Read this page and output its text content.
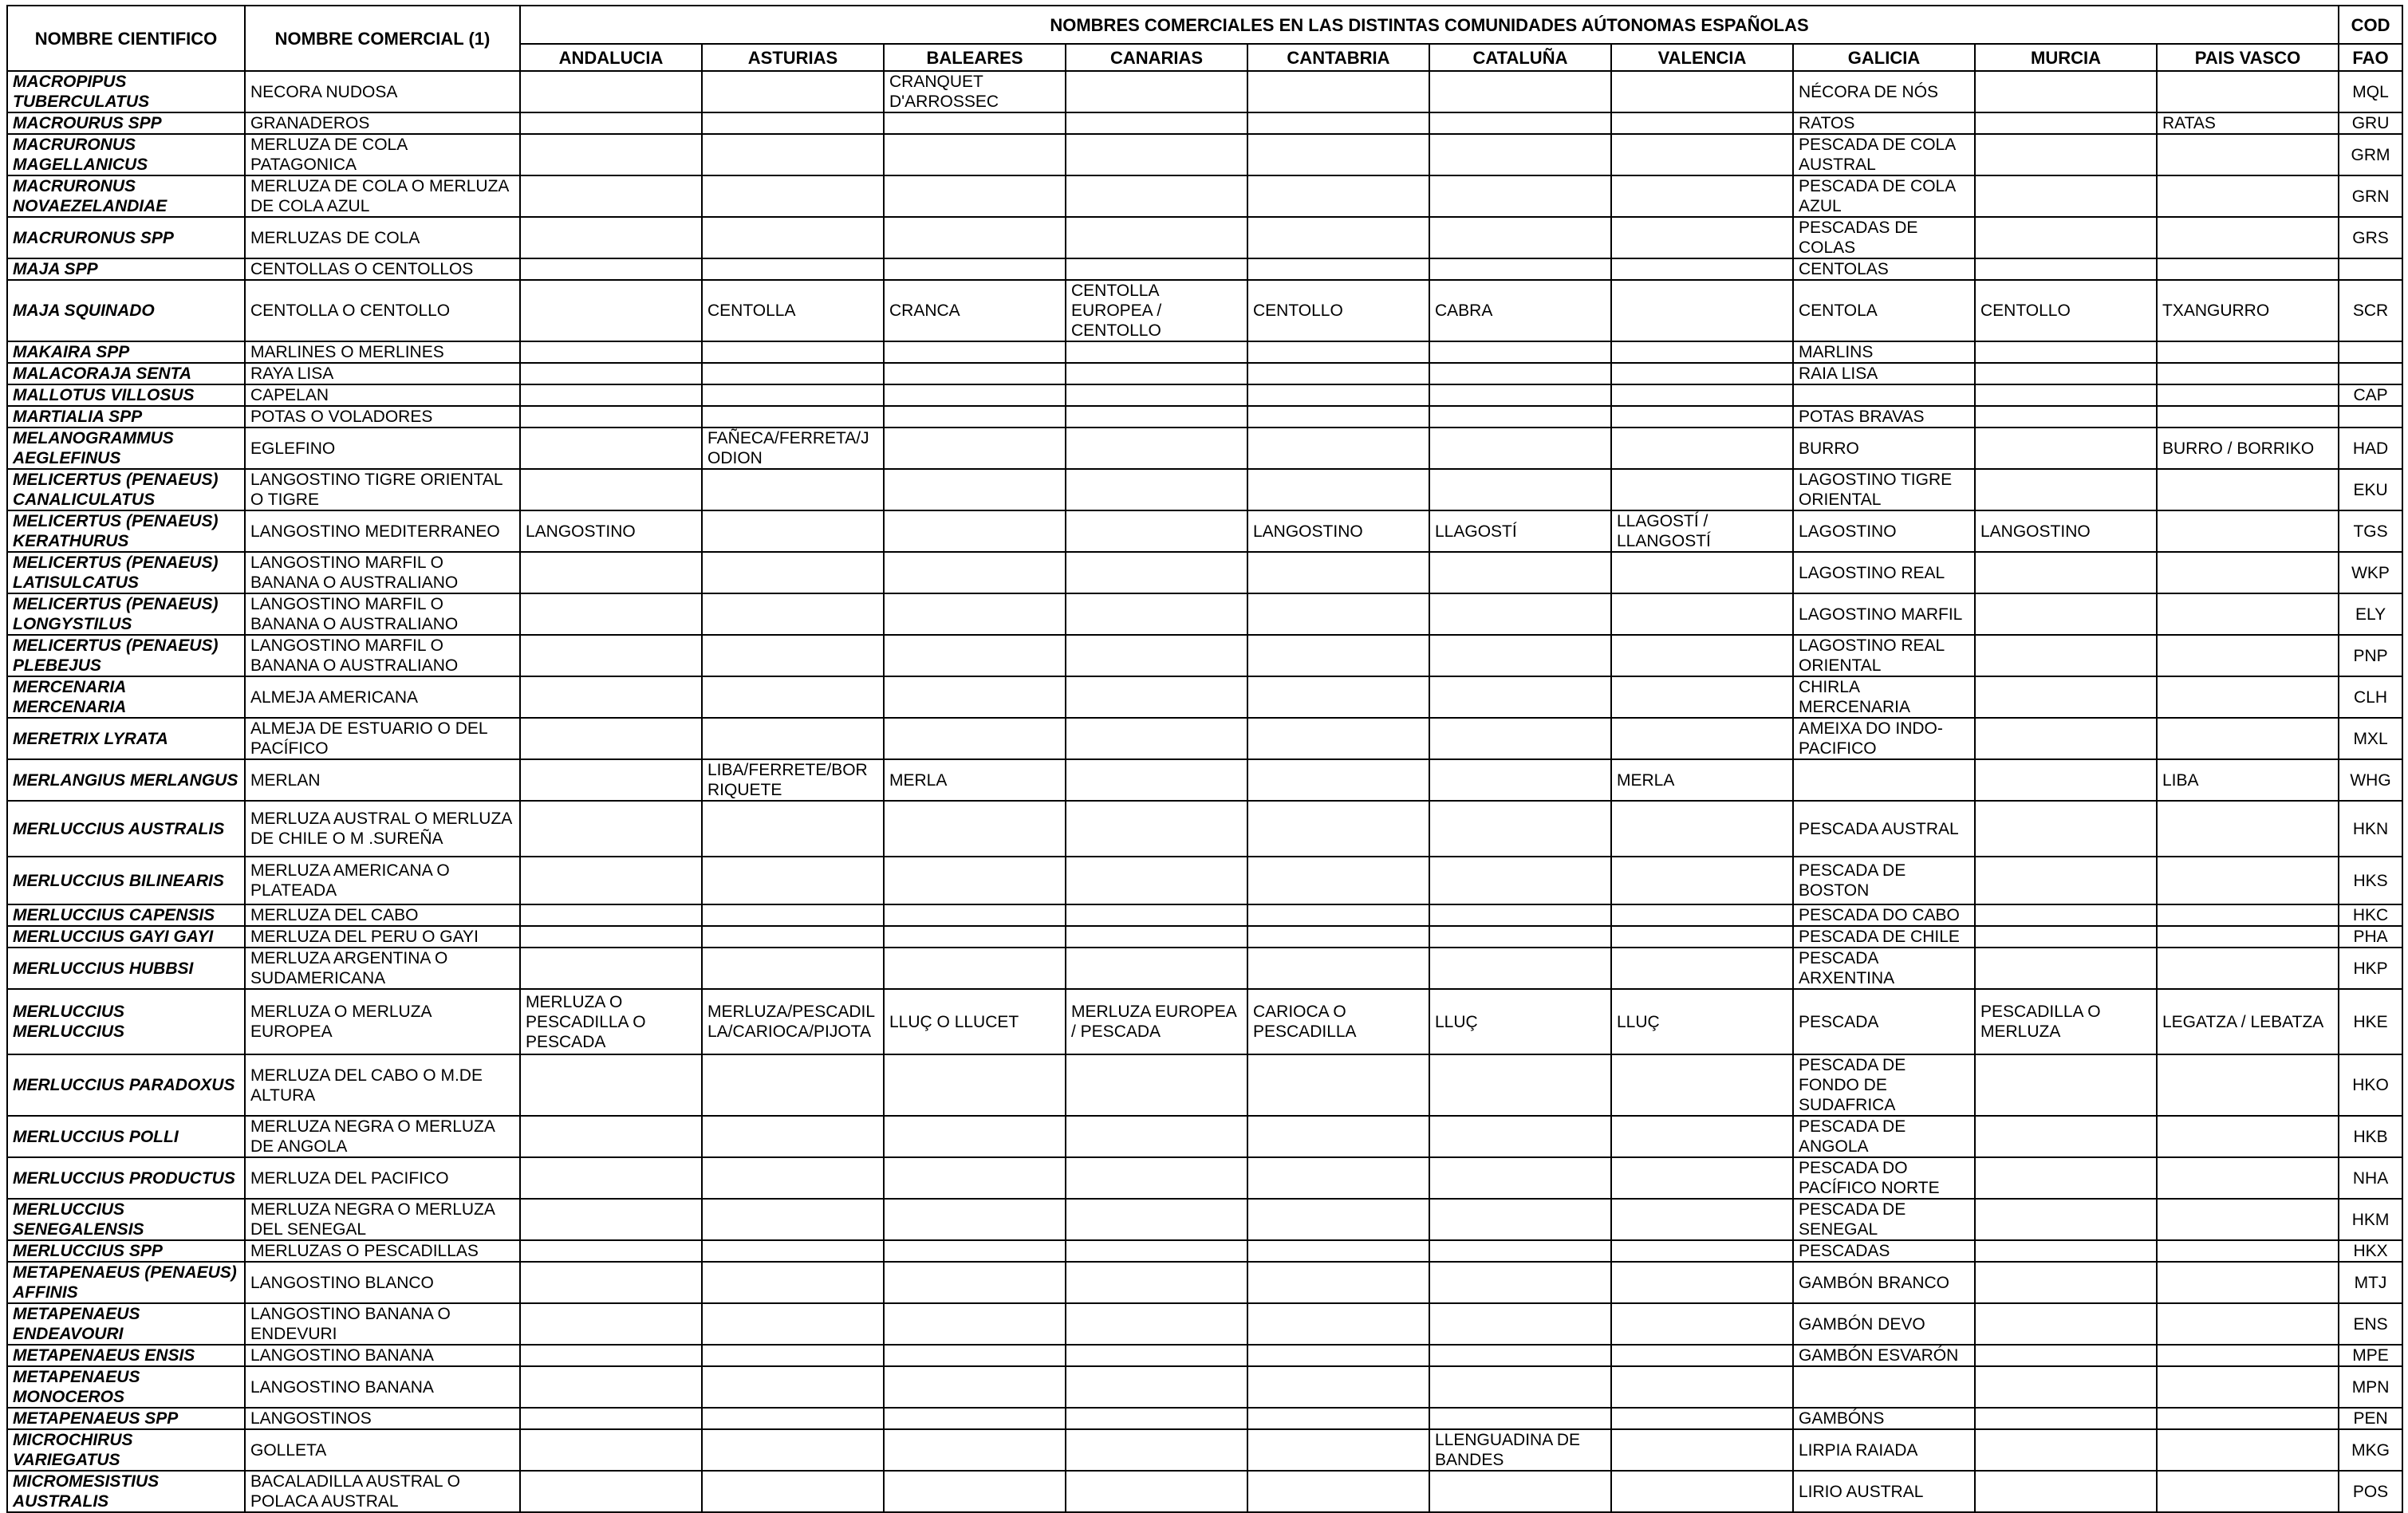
NOMBRE CIENTIFICO	NOMBRE COMERCIAL (1)	NOMBRES COMERCIALES EN LAS DISTINTAS COMUNIDADES AÚTONOMAS ESPAÑOLAS										COD
		ANDALUCIA	ASTURIAS	BALEARES	CANARIAS	CANTABRIA	CATALUÑA	VALENCIA	GALICIA	MURCIA	PAIS VASCO	FAO
MACROPIPUS TUBERCULATUS	NECORA NUDOSA			CRANQUET D'ARROSSEC					NÉCORA DE NÓS			MQL
MACROURUS SPP	GRANADEROS								RATOS		RATAS	GRU
MACRURONUS MAGELLANICUS	MERLUZA DE COLA PATAGONICA								PESCADA DE COLA AUSTRAL			GRM
MACRURONUS NOVAEZELANDIAE	MERLUZA DE COLA O MERLUZA DE COLA AZUL								PESCADA DE COLA AZUL			GRN
MACRURONUS SPP	MERLUZAS DE COLA								PESCADAS DE COLAS			GRS
MAJA SPP	CENTOLLAS O CENTOLLOS								CENTOLAS			
MAJA SQUINADO	CENTOLLA O CENTOLLO		CENTOLLA	CRANCA	CENTOLLA EUROPEA / CENTOLLO	CENTOLLO	CABRA		CENTOLA	CENTOLLO	TXANGURRO	SCR
MAKAIRA SPP	MARLINES O MERLINES								MARLINS			
MALACORAJA SENTA	RAYA LISA								RAIA LISA			
MALLOTUS VILLOSUS	CAPELAN											CAP
MARTIALIA SPP	POTAS O VOLADORES								POTAS BRAVAS			
MELANOGRAMMUS AEGLEFINUS	EGLEFINO		FAÑECA/FERRETA/JODION						BURRO		BURRO / BORRIKO	HAD
MELICERTUS (PENAEUS) CANALICULATUS	LANGOSTINO TIGRE ORIENTAL O TIGRE								LAGOSTINO TIGRE ORIENTAL			EKU
MELICERTUS (PENAEUS) KERATHURUS	LANGOSTINO MEDITERRANEO	LANGOSTINO				LANGOSTINO	LLAGOSTÍ	LLAGOSTÍ / LLANGOSTÍ	LAGOSTINO	LANGOSTINO		TGS
MELICERTUS (PENAEUS) LATISULCATUS	LANGOSTINO MARFIL O BANANA O AUSTRALIANO								LAGOSTINO REAL			WKP
MELICERTUS (PENAEUS) LONGYSTILUS	LANGOSTINO MARFIL O BANANA O AUSTRALIANO								LAGOSTINO MARFIL			ELY
MELICERTUS (PENAEUS) PLEBEJUS	LANGOSTINO MARFIL O BANANA O AUSTRALIANO								LAGOSTINO REAL ORIENTAL			PNP
MERCENARIA MERCENARIA	ALMEJA AMERICANA								CHIRLA MERCENARIA			CLH
MERETRIX LYRATA	ALMEJA DE ESTUARIO O DEL PACÍFICO								AMEIXA DO INDO-PACIFICO			MXL
MERLANGIUS MERLANGUS	MERLAN		LIBA/FERRETE/BORRIQUETE	MERLA				MERLA			LIBA	WHG
MERLUCCIUS AUSTRALIS	MERLUZA AUSTRAL O MERLUZA DE CHILE O M .SUREÑA								PESCADA AUSTRAL			HKN
MERLUCCIUS BILINEARIS	MERLUZA AMERICANA O PLATEADA								PESCADA DE BOSTON			HKS
MERLUCCIUS CAPENSIS	MERLUZA DEL CABO								PESCADA DO CABO			HKC
MERLUCCIUS GAYI GAYI	MERLUZA DEL PERU O GAYI								PESCADA DE CHILE			PHA
MERLUCCIUS HUBBSI	MERLUZA ARGENTINA O SUDAMERICANA								PESCADA ARXENTINA			HKP
MERLUCCIUS MERLUCCIUS	MERLUZA O MERLUZA EUROPEA	MERLUZA O PESCADILLA O PESCADA	MERLUZA/PESCADILLA/CARIOCA/PIJOTA	LLUÇ O LLUCET	MERLUZA EUROPEA / PESCADA	CARIOCA O PESCADILLA	LLUÇ	LLUÇ	PESCADA	PESCADILLA O MERLUZA	LEGATZA / LEBATZA	HKE
MERLUCCIUS PARADOXUS	MERLUZA DEL CABO O M.DE ALTURA								PESCADA DE FONDO DE SUDAFRICA			HKO
MERLUCCIUS POLLI	MERLUZA NEGRA O MERLUZA DE ANGOLA								PESCADA DE ANGOLA			HKB
MERLUCCIUS PRODUCTUS	MERLUZA DEL PACIFICO								PESCADA DO PACÍFICO NORTE			NHA
MERLUCCIUS SENEGALENSIS	MERLUZA NEGRA O MERLUZA DEL SENEGAL								PESCADA DE SENEGAL			HKM
MERLUCCIUS SPP	MERLUZAS O PESCADILLAS								PESCADAS			HKX
METAPENAEUS (PENAEUS) AFFINIS	LANGOSTINO BLANCO								GAMBÓN BRANCO			MTJ
METAPENAEUS ENDEAVOURI	LANGOSTINO BANANA O ENDEVURI								GAMBÓN DEVO			ENS
METAPENAEUS ENSIS	LANGOSTINO BANANA								GAMBÓN ESVARÓN			MPE
METAPENAEUS MONOCEROS	LANGOSTINO BANANA											MPN
METAPENAEUS SPP	LANGOSTINOS								GAMBÓNS			PEN
MICROCHIRUS VARIEGATUS	GOLLETA						LLENGUADINA DE BANDES		LIRPIA RAIADA			MKG
MICROMESISTIUS AUSTRALIS	BACALADILLA AUSTRAL O POLACA AUSTRAL								LIRIO AUSTRAL			POS
